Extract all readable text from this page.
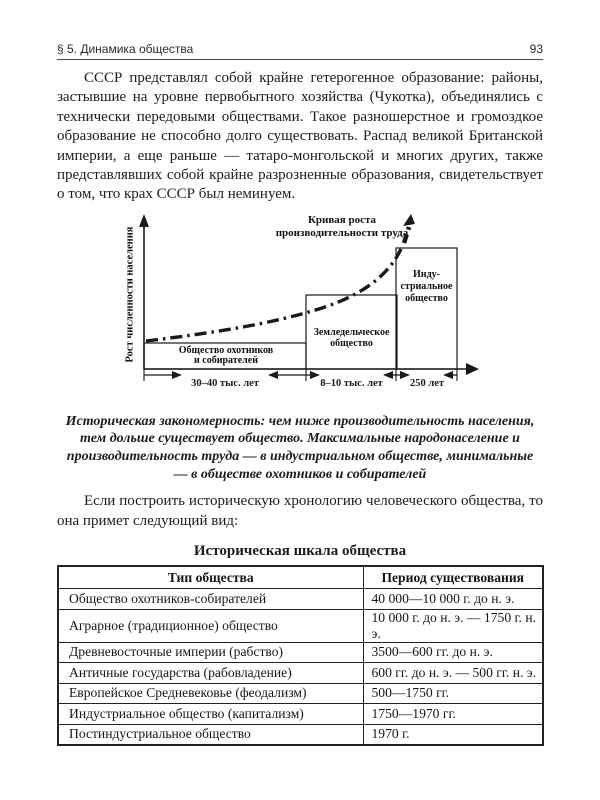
§ 5. Динамика общества	93

СССР представлял собой крайне гетерогенное образование: районы, застывшие на уровне первобытного хозяйства (Чукотка), объединялись с технически передовыми обществами. Такое разношерстное и громоздкое образование не способно долго существовать. Распад великой Британской империи, а еще раньше — татаро-монгольской и многих других, также представлявших собой крайне разрозненные образования, свидетельствует о том, что крах СССР был неминуем.

Кривая роста
производительности труда
Рост численности населения	Общество охотников
и собирателей
Земледельческое
общество
Инду-
стриальное
общество
30–40 тыс. лет	8–10 тыс. лет	250 лет
Историческая закономерность: чем ниже производительность населения, тем дольше существует общество. Максимальные народонаселение и производительность труда — в индустриальном обществе, минимальные — в обществе охотников и собирателей

Если построить историческую хронологию человеческого общества, то она примет следующий вид:

Историческая шкала общества
Тип общества	Период существования
Общество охотников-собирателей	40 000—10 000 г. до н. э.
Аграрное (традиционное) общество	10 000 г. до н. э. — 1750 г. н. э.
Древневосточные империи (рабство)	3500—600 гг. до н. э.
Античные государства (рабовладение)	600 гг. до н. э. — 500 гг. н. э.
Европейское Средневековье (феодализм)	500—1750 гг.
Индустриальное общество (капитализм)	1750—1970 гг.
Постиндустриальное общество	1970 г.
